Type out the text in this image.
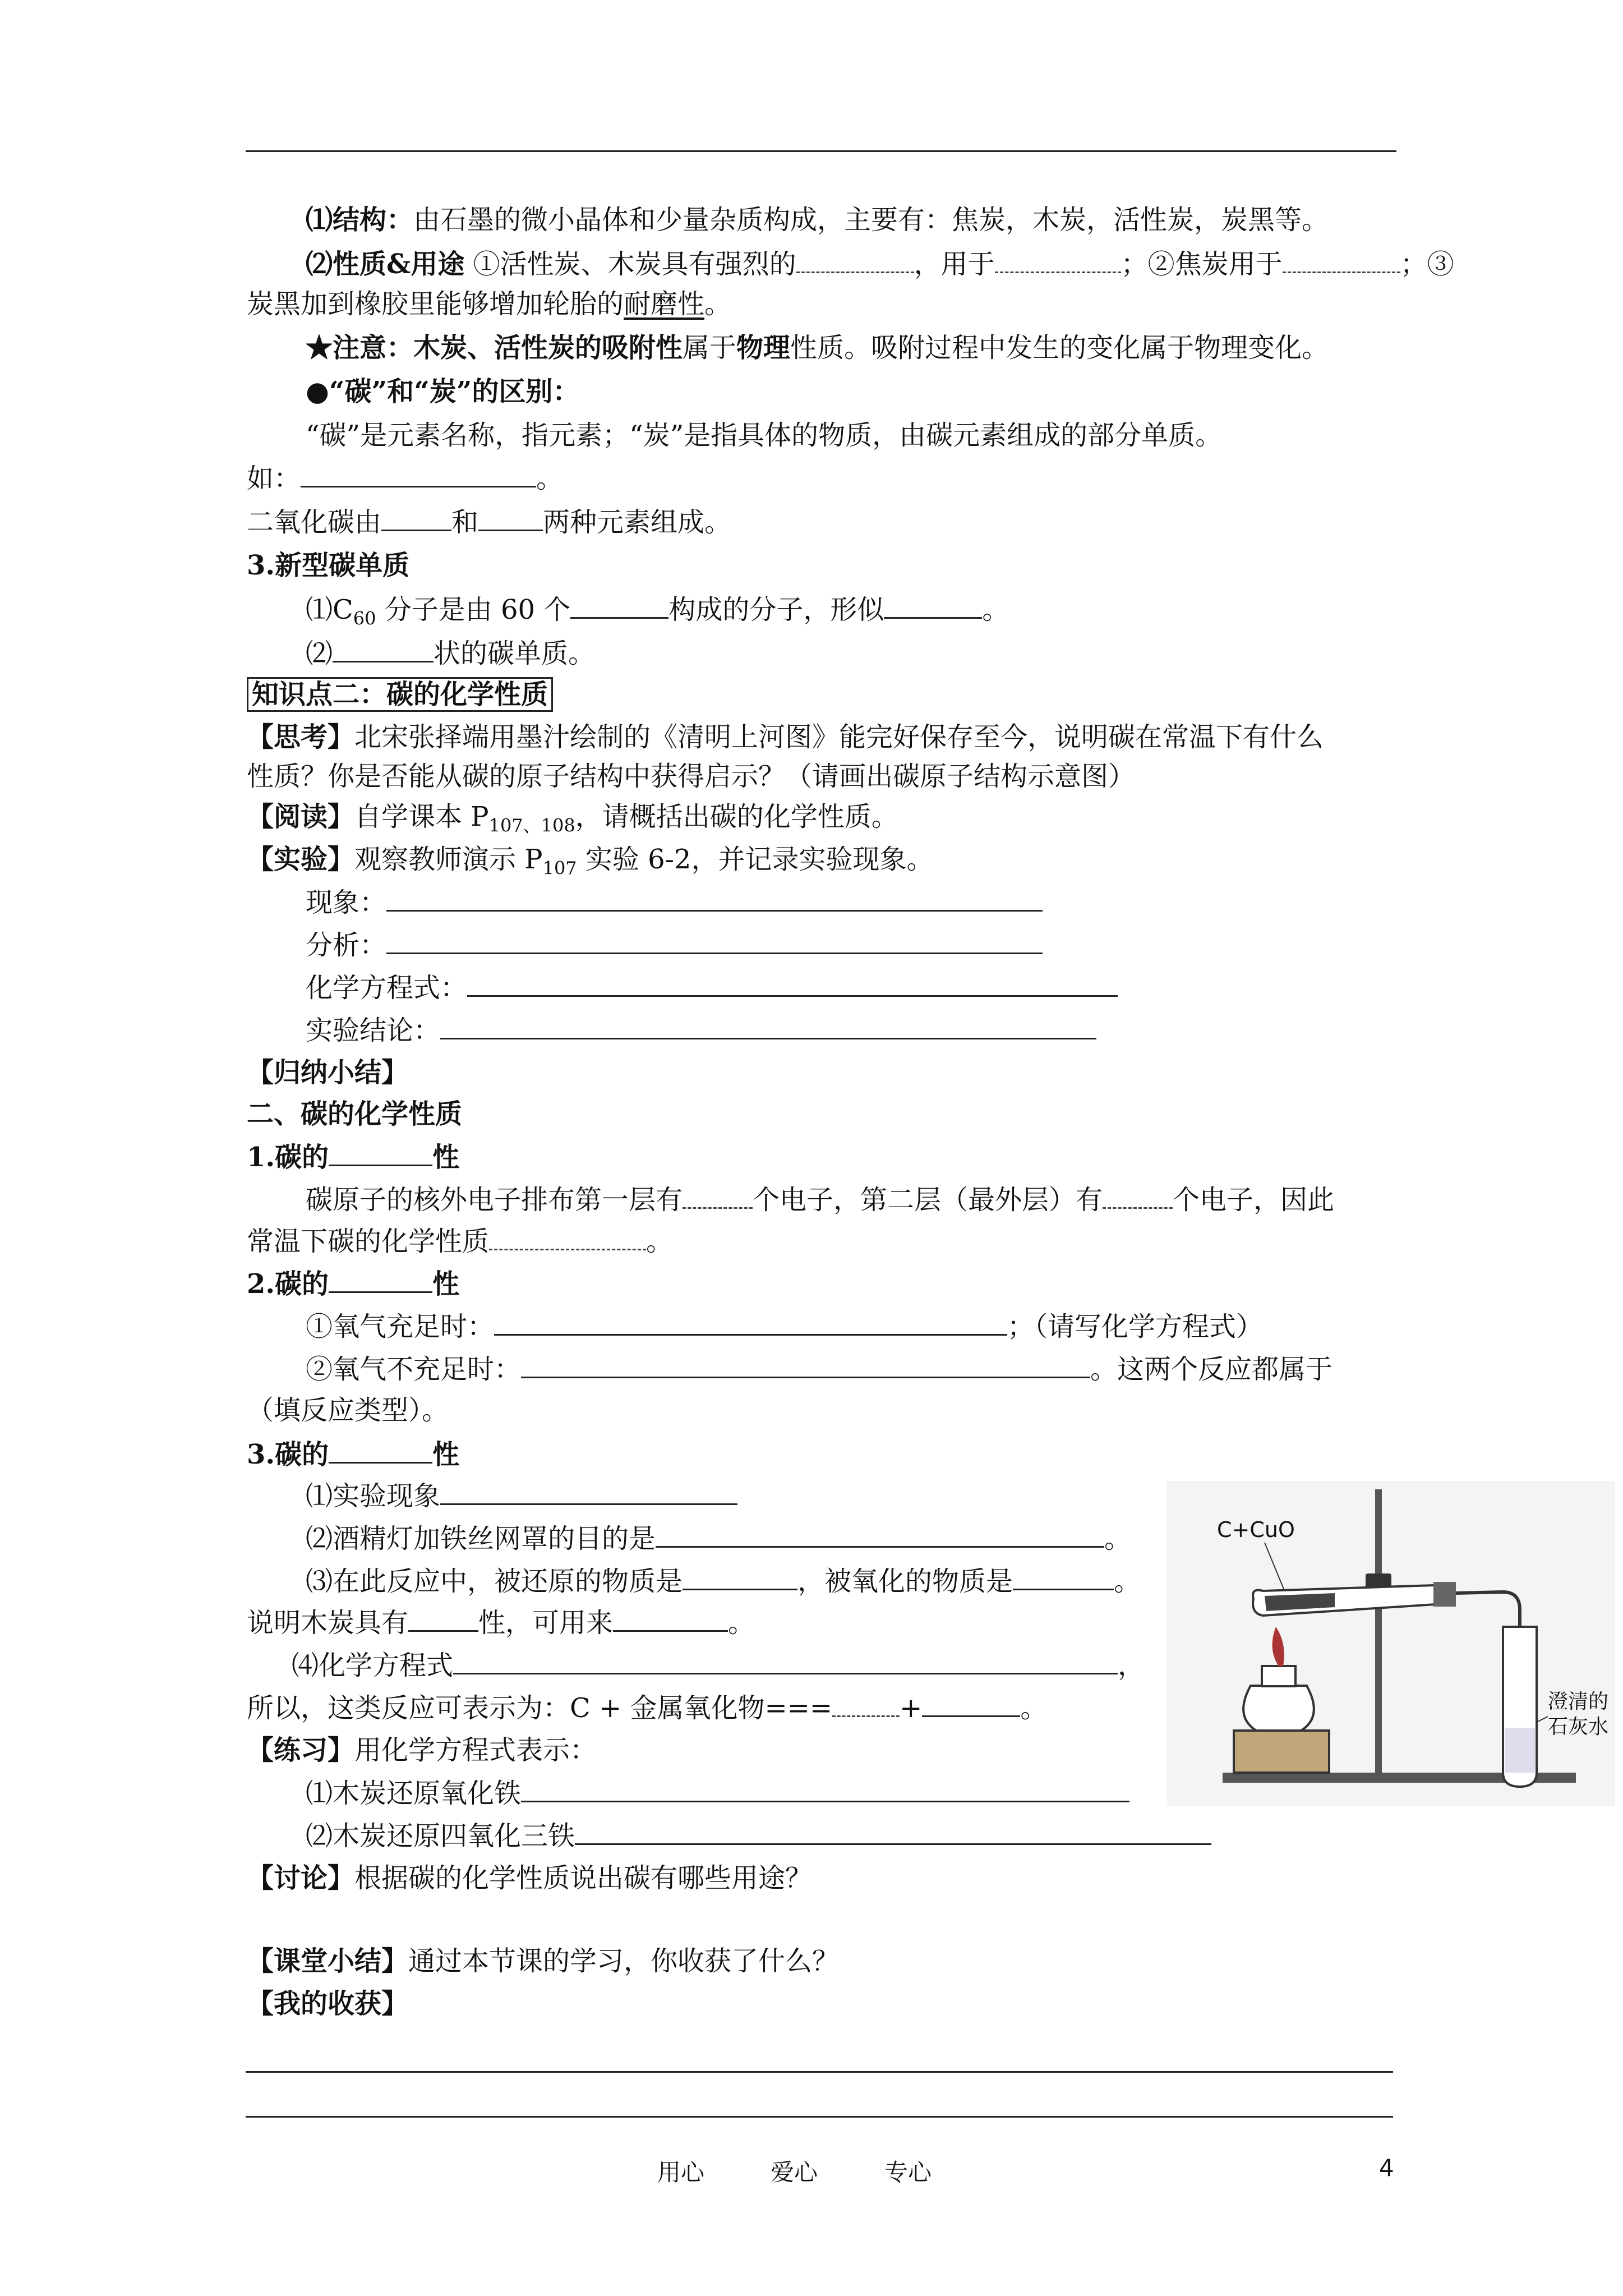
⑴结构：由石墨的微小晶体和少量杂质构成，主要有：焦炭，木炭，活性炭，炭黑等。
⑵性质&用途 ①活性炭、木炭具有强烈的	，用于	；②焦炭用于	；③
炭黑加到橡胶里能够增加轮胎的耐磨性。
★注意：木炭、活性炭的吸附性属于物理性质。吸附过程中发生的变化属于物理变化。
●“碳”和“炭”的区别：
“碳”是元素名称，指元素；“炭”是指具体的物质，由碳元素组成的部分单质。
如：	。
二氧化碳由	和 两种元素组成。
3.新型碳单质
$⑴C_{60}$ 分子是由 60 个	构成的分子，形似	。
⑵	状的碳单质。
知识点二：碳的化学性质
【思考】北宋张择端用墨汁绘制的《清明上河图》能完好保存至今，说明碳在常温下有什么
性质？你是否能从碳的原子结构中获得启示？（请画出碳原子结构示意图）
【阅读】自学课本 $P_{107、108}$，请概括出碳的化学性质。
【实验】观察教师演示 $P_{107}$ 实验 6-2，并记录实验现象。
现象：
分析：
化学方程式：
实验结论：
【归纳小结】
二、碳的化学性质
1.碳的	性
碳原子的核外电子排布第一层有	个电子，第二层（最外层）有	个电子，因此
常温下碳的化学性质	。
2.碳的	性
①氧气充足时：	；（请写化学方程式）
②氧气不充足时：	。这两个反应都属于
（填反应类型）。
3.碳的	性
⑴实验现象
⑵酒精灯加铁丝网罩的目的是	。
⑶在此反应中，被还原的物质是	，被氧化的物质是	。
说明木炭具有	性，可用来	。
⑷化学方程式	，
所以，这类反应可表示为：C + 金属氧化物===	+	。
【练习】用化学方程式表示：
⑴木炭还原氧化铁
⑵木炭还原四氧化三铁
【讨论】根据碳的化学性质说出碳有哪些用途？
【课堂小结】通过本节课的学习，你收获了什么？
【我的收获】
用心	爱心	专心	4
C+CuO
澄清的
石灰水
